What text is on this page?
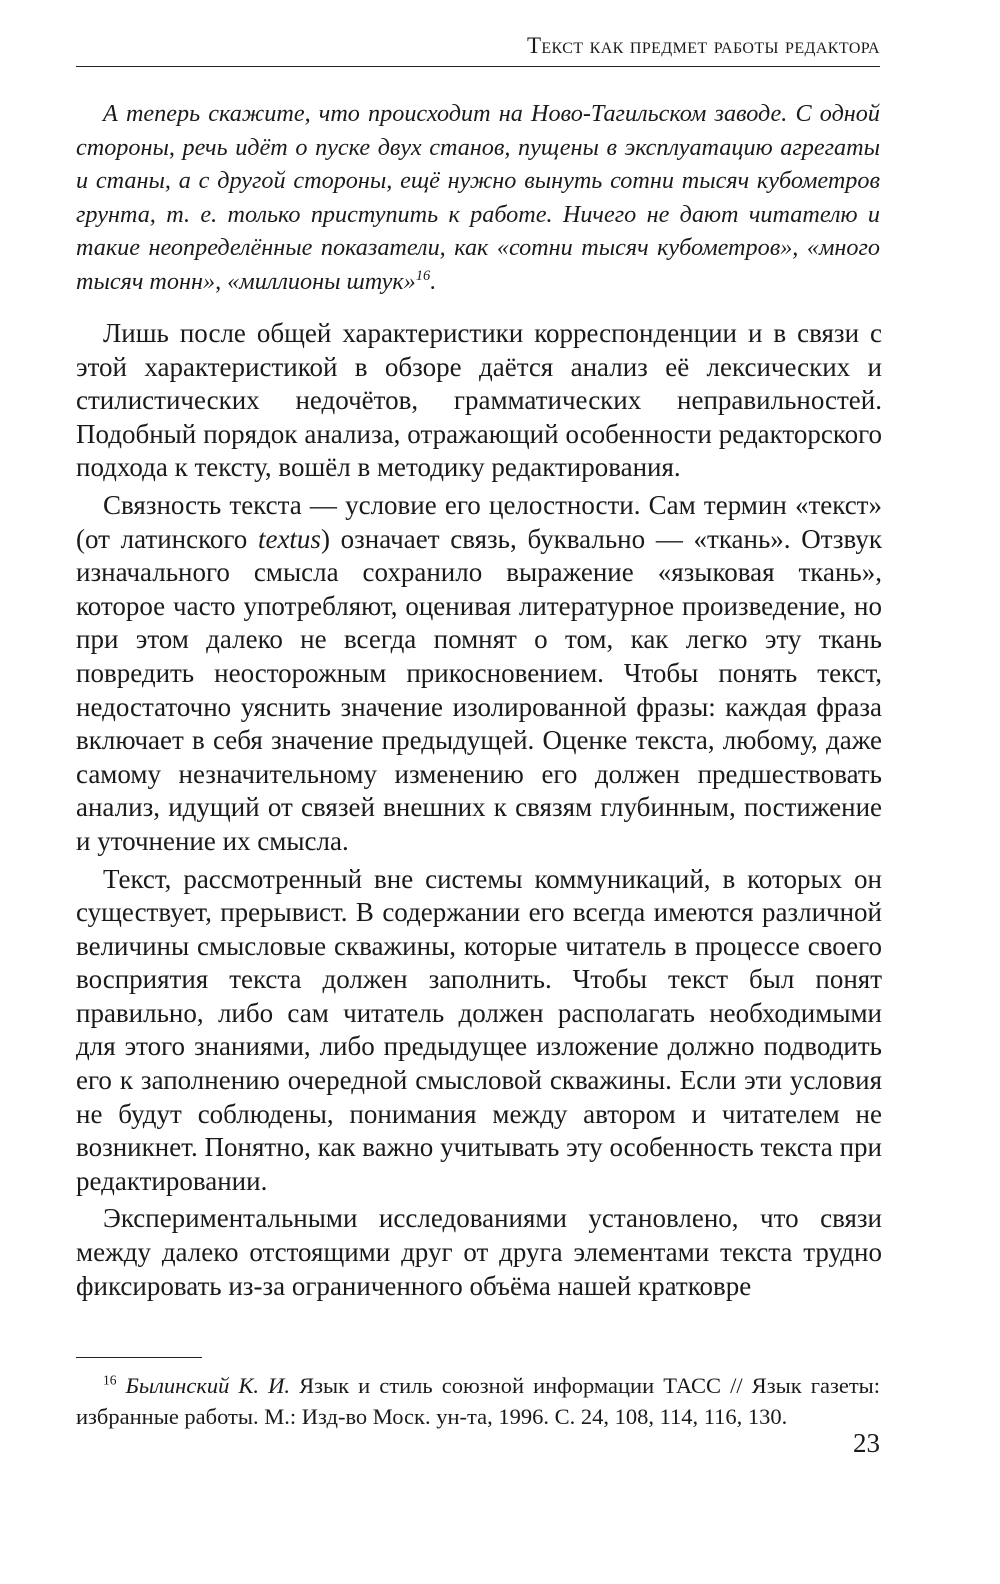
Текст как предмет работы редактора

А теперь скажите, что происходит на Ново-Тагильском заводе. С одной стороны, речь идёт о пуске двух станов, пущены в эксплуатацию агрегаты и станы, а с другой стороны, ещё нужно вынуть сотни тысяч кубометров грунта, т. е. только приступить к работе. Ничего не дают читателю и такие неопределённые показатели, как «сотни тысяч кубометров», «много тысяч тонн», «миллионы штук»$^{16}$.

Лишь после общей характеристики корреспонденции и в связи с этой характеристикой в обзоре даётся анализ её лексических и стилистических недочётов, грамматических неправильностей. Подобный порядок анализа, отражающий особенности редакторского подхода к тексту, вошёл в методику редактирования.

Связность текста — условие его целостности. Сам термин «текст» (от латинского textus) означает связь, буквально — «ткань». Отзвук изначального смысла сохранило выражение «языковая ткань», которое часто употребляют, оценивая литературное произведение, но при этом далеко не всегда помнят о том, как легко эту ткань повредить неосторожным прикосновением. Чтобы понять текст, недостаточно уяснить значение изолированной фразы: каждая фраза включает в себя значение предыдущей. Оценке текста, любому, даже самому незначительному изменению его должен предшествовать анализ, идущий от связей внешних к связям глубинным, постижение и уточнение их смысла.

Текст, рассмотренный вне системы коммуникаций, в которых он существует, прерывист. В содержании его всегда имеются различной величины смысловые скважины, которые читатель в процессе своего восприятия текста должен заполнить. Чтобы текст был понят правильно, либо сам читатель должен располагать необходимыми для этого знаниями, либо предыдущее изложение должно подводить его к заполнению очередной смысловой скважины. Если эти условия не будут соблюдены, понимания между автором и читателем не возникнет. Понятно, как важно учитывать эту особенность текста при редактировании.

Экспериментальными исследованиями установлено, что связи между далеко отстоящими друг от друга элементами текста трудно фиксировать из-за ограниченного объёма нашей кратковре

$^{16}$ Былинский К. И. Язык и стиль союзной информации ТАСС // Язык газеты: избранные работы. М.: Изд-во Моск. ун-та, 1996. С. 24, 108, 114, 116, 130.

23
